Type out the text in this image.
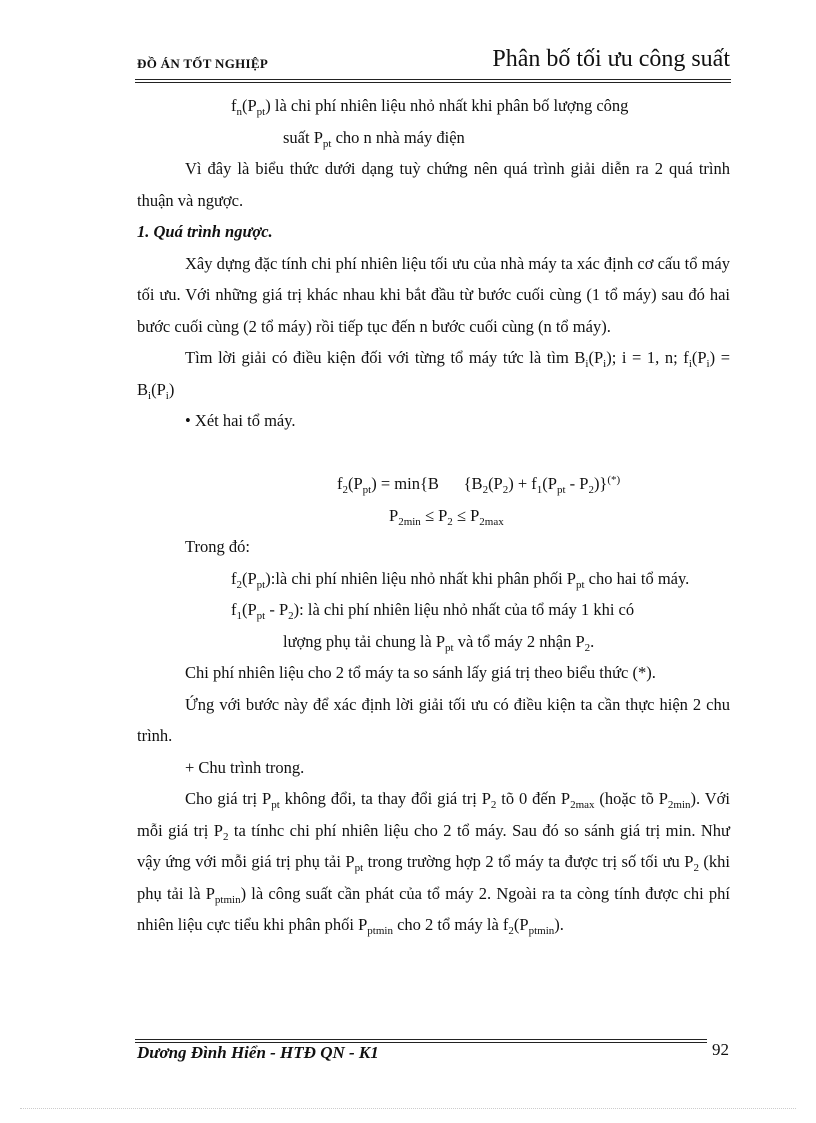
ĐỒ ÁN TỐT NGHIỆP	Phân bố tối ưu công suất

$f_n(P_{pt})$ là chi phí nhiên liệu nhỏ nhất khi phân bố lượng công

suất $P_{pt}$ cho n nhà máy điện

Vì đây là biểu thức dưới dạng tuỳ chứng nên quá trình giải diễn ra 2 quá trình thuận và ngược.

1. Quá trình ngược.

Xây dựng đặc tính chi phí nhiên liệu tối ưu của nhà máy ta xác định cơ cấu tổ máy tối ưu. Với những giá trị khác nhau khi bắt đầu từ bước cuối cùng (1 tổ máy) sau đó hai bước cuối cùng (2 tổ máy) rồi tiếp tục đến n bước cuối cùng (n tổ máy).

Tìm lời giải có điều kiện đối với từng tổ máy tức là tìm $B_i(P_i)$; i = 1, n; $f_i(P_i) = B_i(P_i)$

• Xét hai tổ máy.

$f_2(P_{pt}) = \min\{B$      $\{B_2(P_2) + f_1(P_{pt} - P_2)\}^{(*)}$

$P_{2min} \le P_2 \le P_{2max}$

Trong đó:

$f_2(P_{pt})$: là chi phí nhiên liệu nhỏ nhất khi phân phối $P_{pt}$ cho hai tổ máy.

$f_1(P_{pt} - P_2)$: là chi phí nhiên liệu nhỏ nhất của tổ máy 1 khi có

lượng phụ tải chung là $P_{pt}$ và tổ máy 2 nhận $P_2$.

Chi phí nhiên liệu cho 2 tổ máy ta so sánh lấy giá trị theo biểu thức (*).

Ứng với bước này để xác định lời giải tối ưu có điều kiện ta cần thực hiện 2 chu trình.

+ Chu trình trong.

Cho giá trị $P_{pt}$ không đổi, ta thay đổi giá trị $P_2$ tõ 0 đến $P_{2max}$ (hoặc tõ $P_{2min}$). Với mỗi giá trị $P_2$ ta tínhc chi phí nhiên liệu cho 2 tổ máy. Sau đó so sánh giá trị min. Như vậy ứng với mỗi giá trị phụ tải $P_{pt}$ trong trường hợp 2 tổ máy ta được trị số tối ưu $P_2$ (khi phụ tải là $P_{ptmin}$) là công suất cần phát của tổ máy 2. Ngoài ra ta còng tính được chi phí nhiên liệu cực tiểu khi phân phối $P_{ptmin}$ cho 2 tổ máy là $f_2(P_{ptmin})$.

Dương Đình Hiển - HTĐ QN - K1	92
